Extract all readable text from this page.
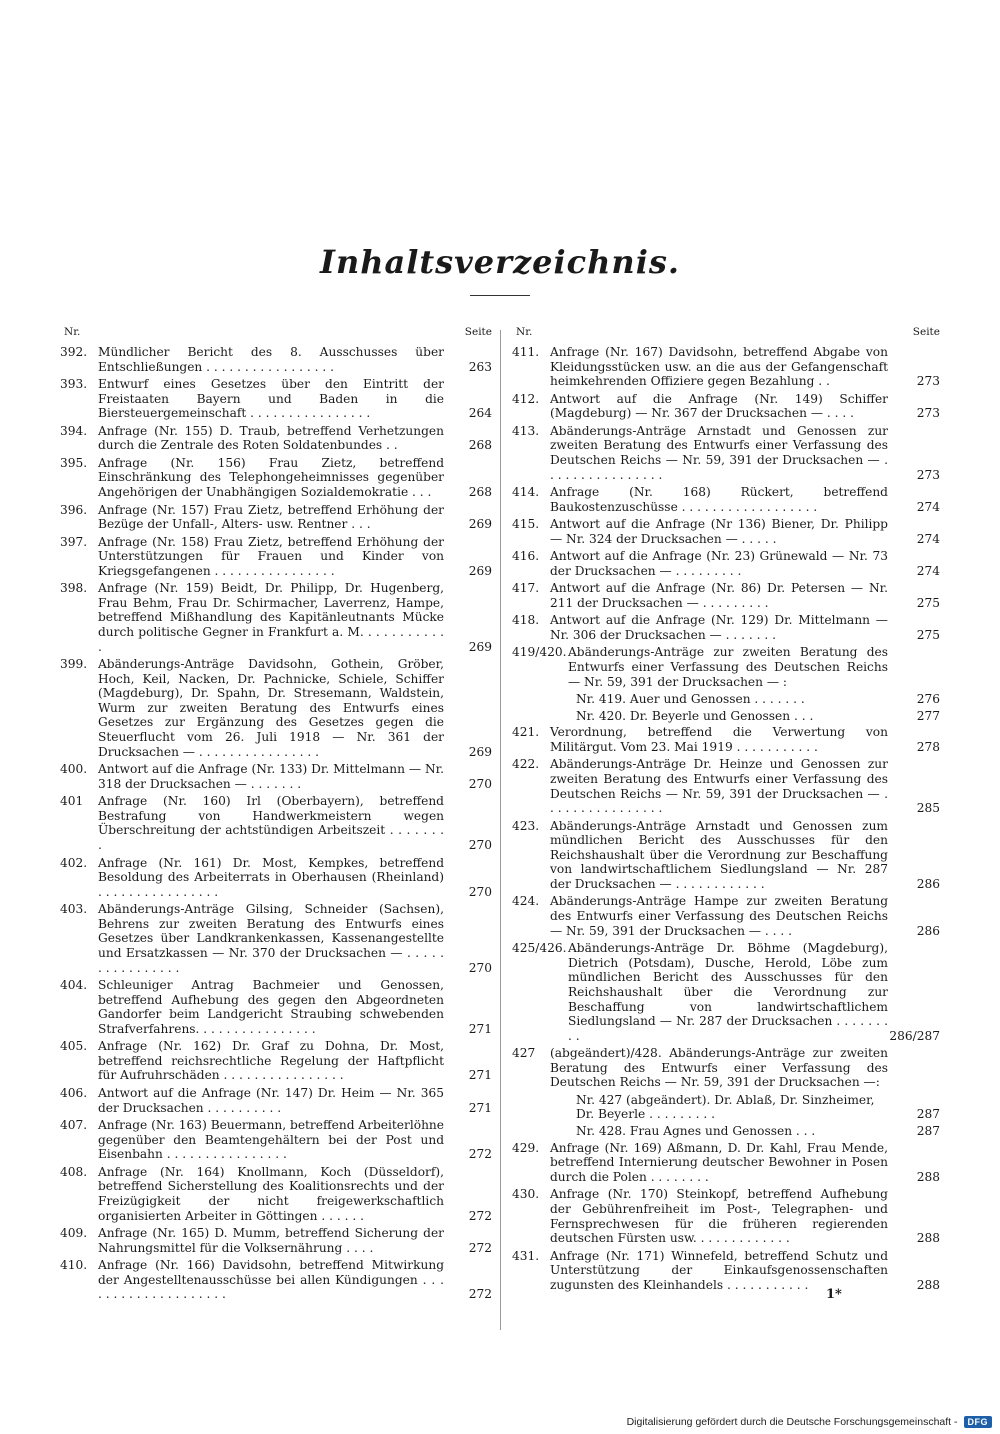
Inhaltsverzeichnis.
Nr.	Seite
392. Mündlicher Bericht des 8. Ausschusses über Entschließungen . . . . . . . . . . . . . . . . .	263
393. Entwurf eines Gesetzes über den Eintritt der Freistaaten Bayern und Baden in die Biersteuergemeinschaft . . . . . . . . . . . . . . . .	264
394. Anfrage (Nr. 155) D. Traub, betreffend Verhetzungen durch die Zentrale des Roten Soldatenbundes . .	268
395. Anfrage (Nr. 156) Frau Zietz, betreffend Einschränkung des Telephongeheimnisses gegenüber Angehörigen der Unabhängigen Sozialdemokratie . . .	268
396. Anfrage (Nr. 157) Frau Zietz, betreffend Erhöhung der Bezüge der Unfall-, Alters- usw. Rentner . . .	269
397. Anfrage (Nr. 158) Frau Zietz, betreffend Erhöhung der Unterstützungen für Frauen und Kinder von Kriegsgefangenen . . . . . . . . . . . . . . . .	269
398. Anfrage (Nr. 159) Beidt, Dr. Philipp, Dr. Hugenberg, Frau Behm, Frau Dr. Schirmacher, Laverrenz, Hampe, betreffend Mißhandlung des Kapitänleutnants Mücke durch politische Gegner in Frankfurt a. M. . . . . . . . . . . .	269
399. Abänderungs-Anträge Davidsohn, Gothein, Gröber, Hoch, Keil, Nacken, Dr. Pachnicke, Schiele, Schiffer (Magdeburg), Dr. Spahn, Dr. Stresemann, Waldstein, Wurm zur zweiten Beratung des Entwurfs eines Gesetzes zur Ergänzung des Gesetzes gegen die Steuerflucht vom 26. Juli 1918 — Nr. 361 der Drucksachen — . . . . . . . . . . . . . . . .	269
400. Antwort auf die Anfrage (Nr. 133) Dr. Mittelmann — Nr. 318 der Drucksachen — . . . . . . .	270
401	Anfrage (Nr. 160) Irl (Oberbayern), betreffend Bestrafung von Handwerkmeistern wegen Überschreitung der achtstündigen Arbeitszeit . . . . . . . .	270
402. Anfrage (Nr. 161) Dr. Most, Kempkes, betreffend Besoldung des Arbeiterrats in Oberhausen (Rheinland) . . . . . . . . . . . . . . . .	270
403. Abänderungs-Anträge Gilsing, Schneider (Sachsen), Behrens zur zweiten Beratung des Entwurfs eines Gesetzes über Landkrankenkassen, Kassenangestellte und Ersatzkassen — Nr. 370 der Drucksachen — . . . . . . . . . . . . . . . .	270
404. Schleuniger Antrag Bachmeier und Genossen, betreffend Aufhebung des gegen den Abgeordneten Gandorfer beim Landgericht Straubing schwebenden Strafverfahrens. . . . . . . . . . . . . . . .	271
405. Anfrage (Nr. 162) Dr. Graf zu Dohna, Dr. Most, betreffend reichsrechtliche Regelung der Haftpflicht für Aufruhrschäden . . . . . . . . . . . . . . . .	271
406. Antwort auf die Anfrage (Nr. 147) Dr. Heim — Nr. 365 der Drucksachen . . . . . . . . . .	271
407. Anfrage (Nr. 163) Beuermann, betreffend Arbeiterlöhne gegenüber den Beamtengehältern bei der Post und Eisenbahn . . . . . . . . . . . . . . . .	272
408. Anfrage (Nr. 164) Knollmann, Koch (Düsseldorf), betreffend Sicherstellung des Koalitionsrechts und der Freizügigkeit der nicht freigewerkschaftlich organisierten Arbeiter in Göttingen . . . . . .	272
409. Anfrage (Nr. 165) D. Mumm, betreffend Sicherung der Nahrungsmittel für die Volksernährung . . . .	272
410. Anfrage (Nr. 166) Davidsohn, betreffend Mitwirkung der Angestelltenausschüsse bei allen Kündigungen . . . . . . . . . . . . . . . . . . . .	272
Nr.	Seite
411. Anfrage (Nr. 167) Davidsohn, betreffend Abgabe von Kleidungsstücken usw. an die aus der Gefangenschaft heimkehrenden Offiziere gegen Bezahlung . .	273
412. Antwort auf die Anfrage (Nr. 149) Schiffer (Magdeburg) — Nr. 367 der Drucksachen — . . . .	273
413. Abänderungs-Anträge Arnstadt und Genossen zur zweiten Beratung des Entwurfs einer Verfassung des Deutschen Reichs — Nr. 59, 391 der Drucksachen — . . . . . . . . . . . . . . . .	273
414. Anfrage (Nr. 168) Rückert, betreffend Baukostenzuschüsse . . . . . . . . . . . . . . . . . .	274
415. Antwort auf die Anfrage (Nr 136) Biener, Dr. Philipp — Nr. 324 der Drucksachen — . . . . .	274
416. Antwort auf die Anfrage (Nr. 23) Grünewald — Nr. 73 der Drucksachen — . . . . . . . . .	274
417. Antwort auf die Anfrage (Nr. 86) Dr. Petersen — Nr. 211 der Drucksachen — . . . . . . . . .	275
418. Antwort auf die Anfrage (Nr. 129) Dr. Mittelmann — Nr. 306 der Drucksachen — . . . . . . .	275
419/420. Abänderungs-Anträge zur zweiten Beratung des Entwurfs einer Verfassung des Deutschen Reichs — Nr. 59, 391 der Drucksachen — :
Nr. 419. Auer und Genossen . . . . . . .	276
Nr. 420. Dr. Beyerle und Genossen . . .	277
421. Verordnung, betreffend die Verwertung von Militärgut. Vom 23. Mai 1919 . . . . . . . . . . .	278
422. Abänderungs-Anträge Dr. Heinze und Genossen zur zweiten Beratung des Entwurfs einer Verfassung des Deutschen Reichs — Nr. 59, 391 der Drucksachen — . . . . . . . . . . . . . . . .	285
423. Abänderungs-Anträge Arnstadt und Genossen zum mündlichen Bericht des Ausschusses für den Reichshaushalt über die Verordnung zur Beschaffung von landwirtschaftlichem Siedlungsland — Nr. 287 der Drucksachen — . . . . . . . . . . . .	286
424. Abänderungs-Anträge Hampe zur zweiten Beratung des Entwurfs einer Verfassung des Deutschen Reichs — Nr. 59, 391 der Drucksachen — . . . .	286
425/426. Abänderungs-Anträge Dr. Böhme (Magdeburg), Dietrich (Potsdam), Dusche, Herold, Löbe zum mündlichen Bericht des Ausschusses für den Reichshaushalt über die Verordnung zur Beschaffung von landwirtschaftlichem Siedlungsland — Nr. 287 der Drucksachen . . . . . . . . .	286/287
427 (abgeändert)/428. Abänderungs-Anträge zur zweiten Beratung des Entwurfs einer Verfassung des Deutschen Reichs — Nr. 59, 391 der Drucksachen —:
Nr. 427 (abgeändert). Dr. Ablaß, Dr. Sinzheimer, Dr. Beyerle . . . . . . . . .	287
Nr. 428. Frau Agnes und Genossen . . .	287
429. Anfrage (Nr. 169) Aßmann, D. Dr. Kahl, Frau Mende, betreffend Internierung deutscher Bewohner in Posen durch die Polen . . . . . . . .	288
430. Anfrage (Nr. 170) Steinkopf, betreffend Aufhebung der Gebührenfreiheit im Post-, Telegraphen- und Fernsprechwesen für die früheren regierenden deutschen Fürsten usw. . . . . . . . . . . . .	288
431. Anfrage (Nr. 171) Winnefeld, betreffend Schutz und Unterstützung der Einkaufsgenossenschaften zugunsten des Kleinhandels . . . . . . . . . . .	288
1*
Digitalisierung gefördert durch die Deutsche Forschungsgemeinschaft -	DFG
